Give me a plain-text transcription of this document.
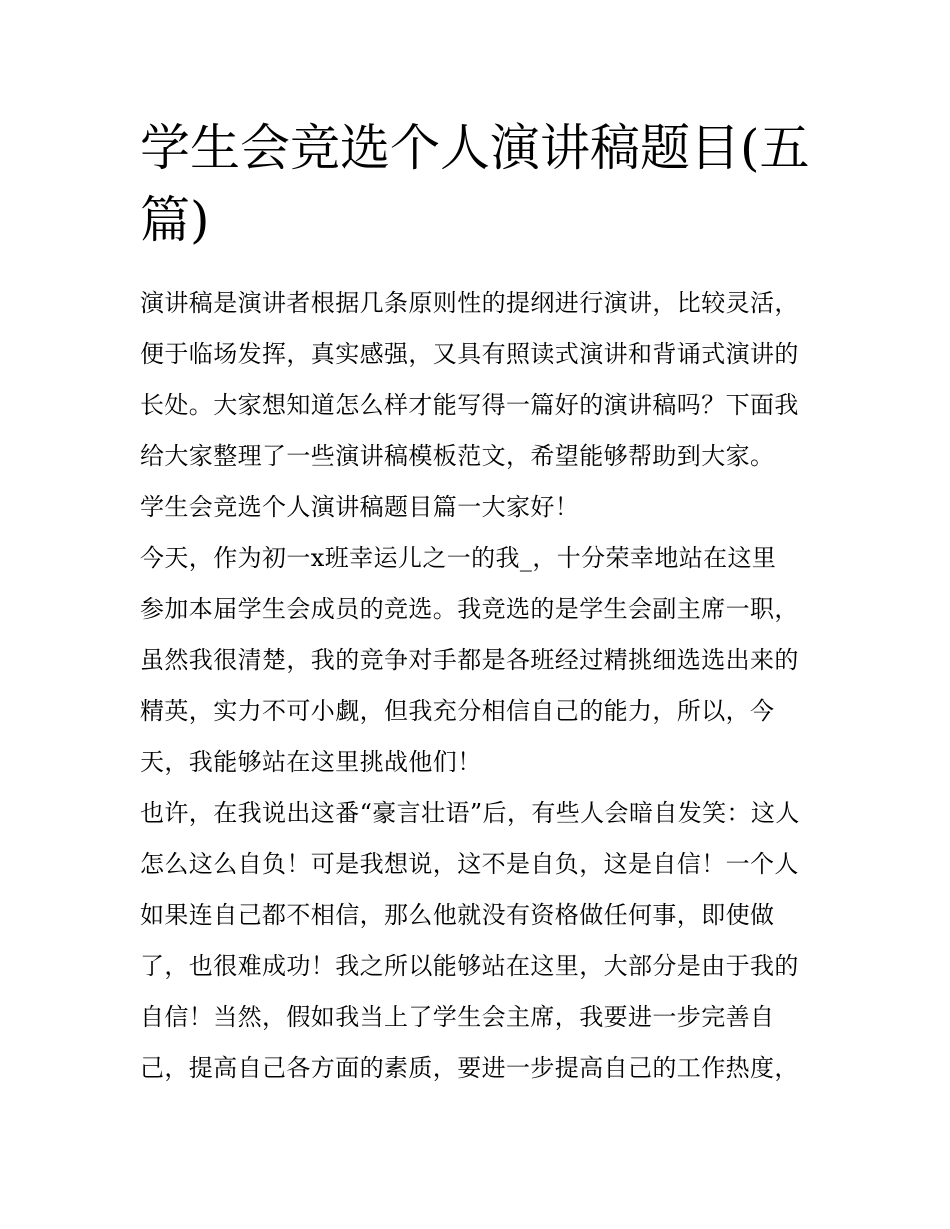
学生会竞选个人演讲稿题目(五
篇)
演讲稿是演讲者根据几条原则性的提纲进行演讲，比较灵活，
便于临场发挥，真实感强，又具有照读式演讲和背诵式演讲的
长处。大家想知道怎么样才能写得一篇好的演讲稿吗？下面我
给大家整理了一些演讲稿模板范文，希望能够帮助到大家。
学生会竞选个人演讲稿题目篇一大家好！
今天，作为初一x班幸运儿之一的我_，十分荣幸地站在这里
参加本届学生会成员的竞选。我竞选的是学生会副主席一职，
虽然我很清楚，我的竞争对手都是各班经过精挑细选选出来的
精英，实力不可小觑，但我充分相信自己的能力，所以，今
天，我能够站在这里挑战他们！
也许，在我说出这番“豪言壮语”后，有些人会暗自发笑：这人
怎么这么自负！可是我想说，这不是自负，这是自信！一个人
如果连自己都不相信，那么他就没有资格做任何事，即使做
了，也很难成功！我之所以能够站在这里，大部分是由于我的
自信！当然，假如我当上了学生会主席，我要进一步完善自
己，提高自己各方面的素质，要进一步提高自己的工作热度，
